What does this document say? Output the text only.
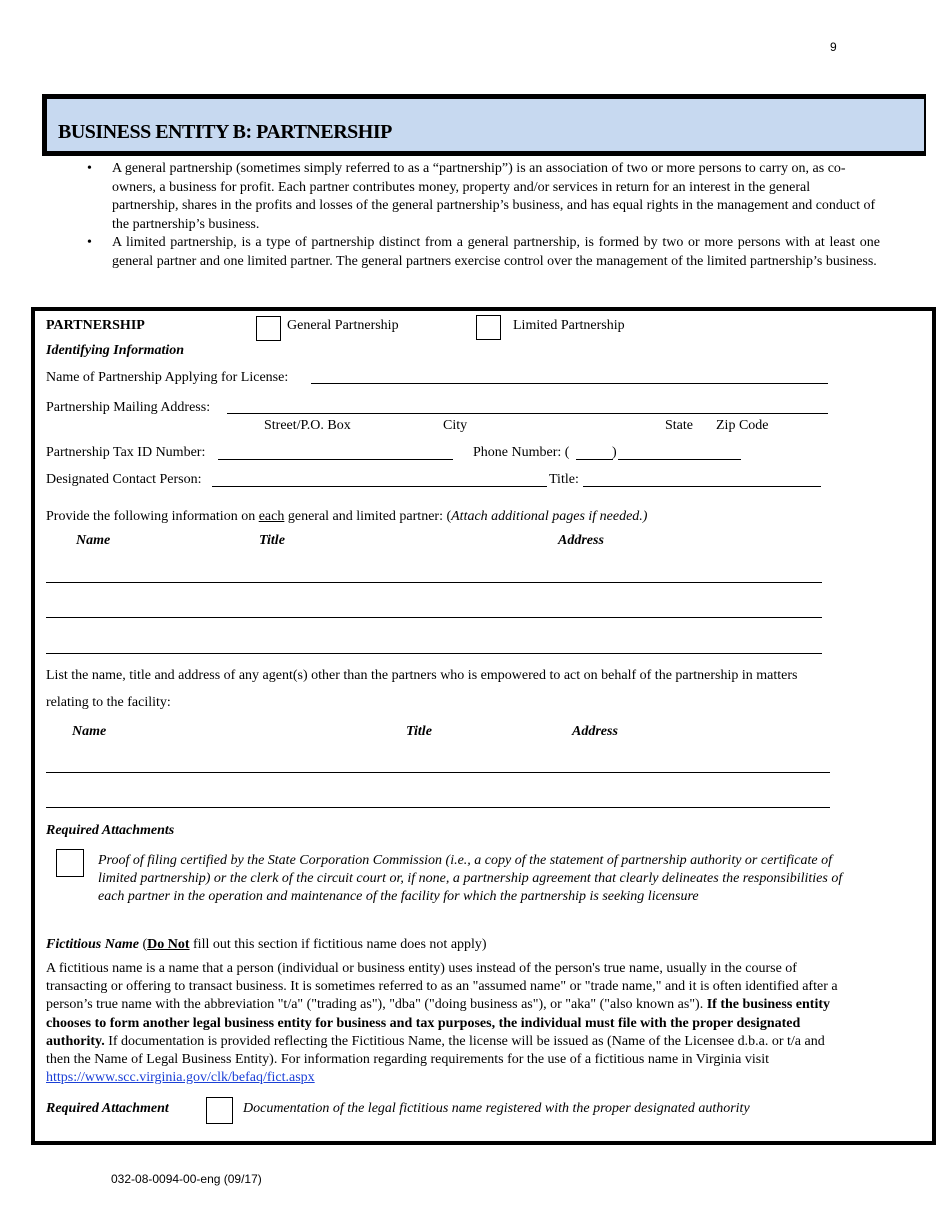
9
BUSINESS ENTITY B: PARTNERSHIP
• A general partnership (sometimes simply referred to as a “partnership”) is an association of two or more persons to carry on, as co-owners, a business for profit. Each partner contributes money, property and/or services in return for an interest in the general partnership, shares in the profits and losses of the general partnership’s business, and has equal rights in the management and conduct of the partnership’s business.
• A limited partnership, is a type of partnership distinct from a general partnership, is formed by two or more persons with at least one general partner and one limited partner. The general partners exercise control over the management of the limited partnership’s business.
PARTNERSHIP	General Partnership	Limited Partnership
Identifying Information
Name of Partnership Applying for License:
Partnership Mailing Address:
Street/P.O. Box	City	State Zip Code
Partnership Tax ID Number:	Phone Number: (	)
Designated Contact Person:	Title:
Provide the following information on each general and limited partner: (Attach additional pages if needed.)
Name	Title	Address
List the name, title and address of any agent(s) other than the partners who is empowered to act on behalf of the partnership in matters
relating to the facility:
Name	Title	Address
Required Attachments
Proof of filing certified by the State Corporation Commission (i.e., a copy of the statement of partnership authority or certificate of limited partnership) or the clerk of the circuit court or, if none, a partnership agreement that clearly delineates the responsibilities of each partner in the operation and maintenance of the facility for which the partnership is seeking licensure
Fictitious Name (Do Not fill out this section if fictitious name does not apply)
A fictitious name is a name that a person (individual or business entity) uses instead of the person's true name, usually in the course of transacting or offering to transact business. It is sometimes referred to as an "assumed name" or "trade name," and it is often identified after a person’s true name with the abbreviation "t/a" ("trading as"), "dba" ("doing business as"), or "aka" ("also known as"). If the business entity chooses to form another legal business entity for business and tax purposes, the individual must file with the proper designated authority. If documentation is provided reflecting the Fictitious Name, the license will be issued as (Name of the Licensee d.b.a. or t/a and then the Name of Legal Business Entity). For information regarding requirements for the use of a fictitious name in Virginia visit https://www.scc.virginia.gov/clk/befaq/fict.aspx
Required Attachment	Documentation of the legal fictitious name registered with the proper designated authority
032-08-0094-00-eng (09/17)
